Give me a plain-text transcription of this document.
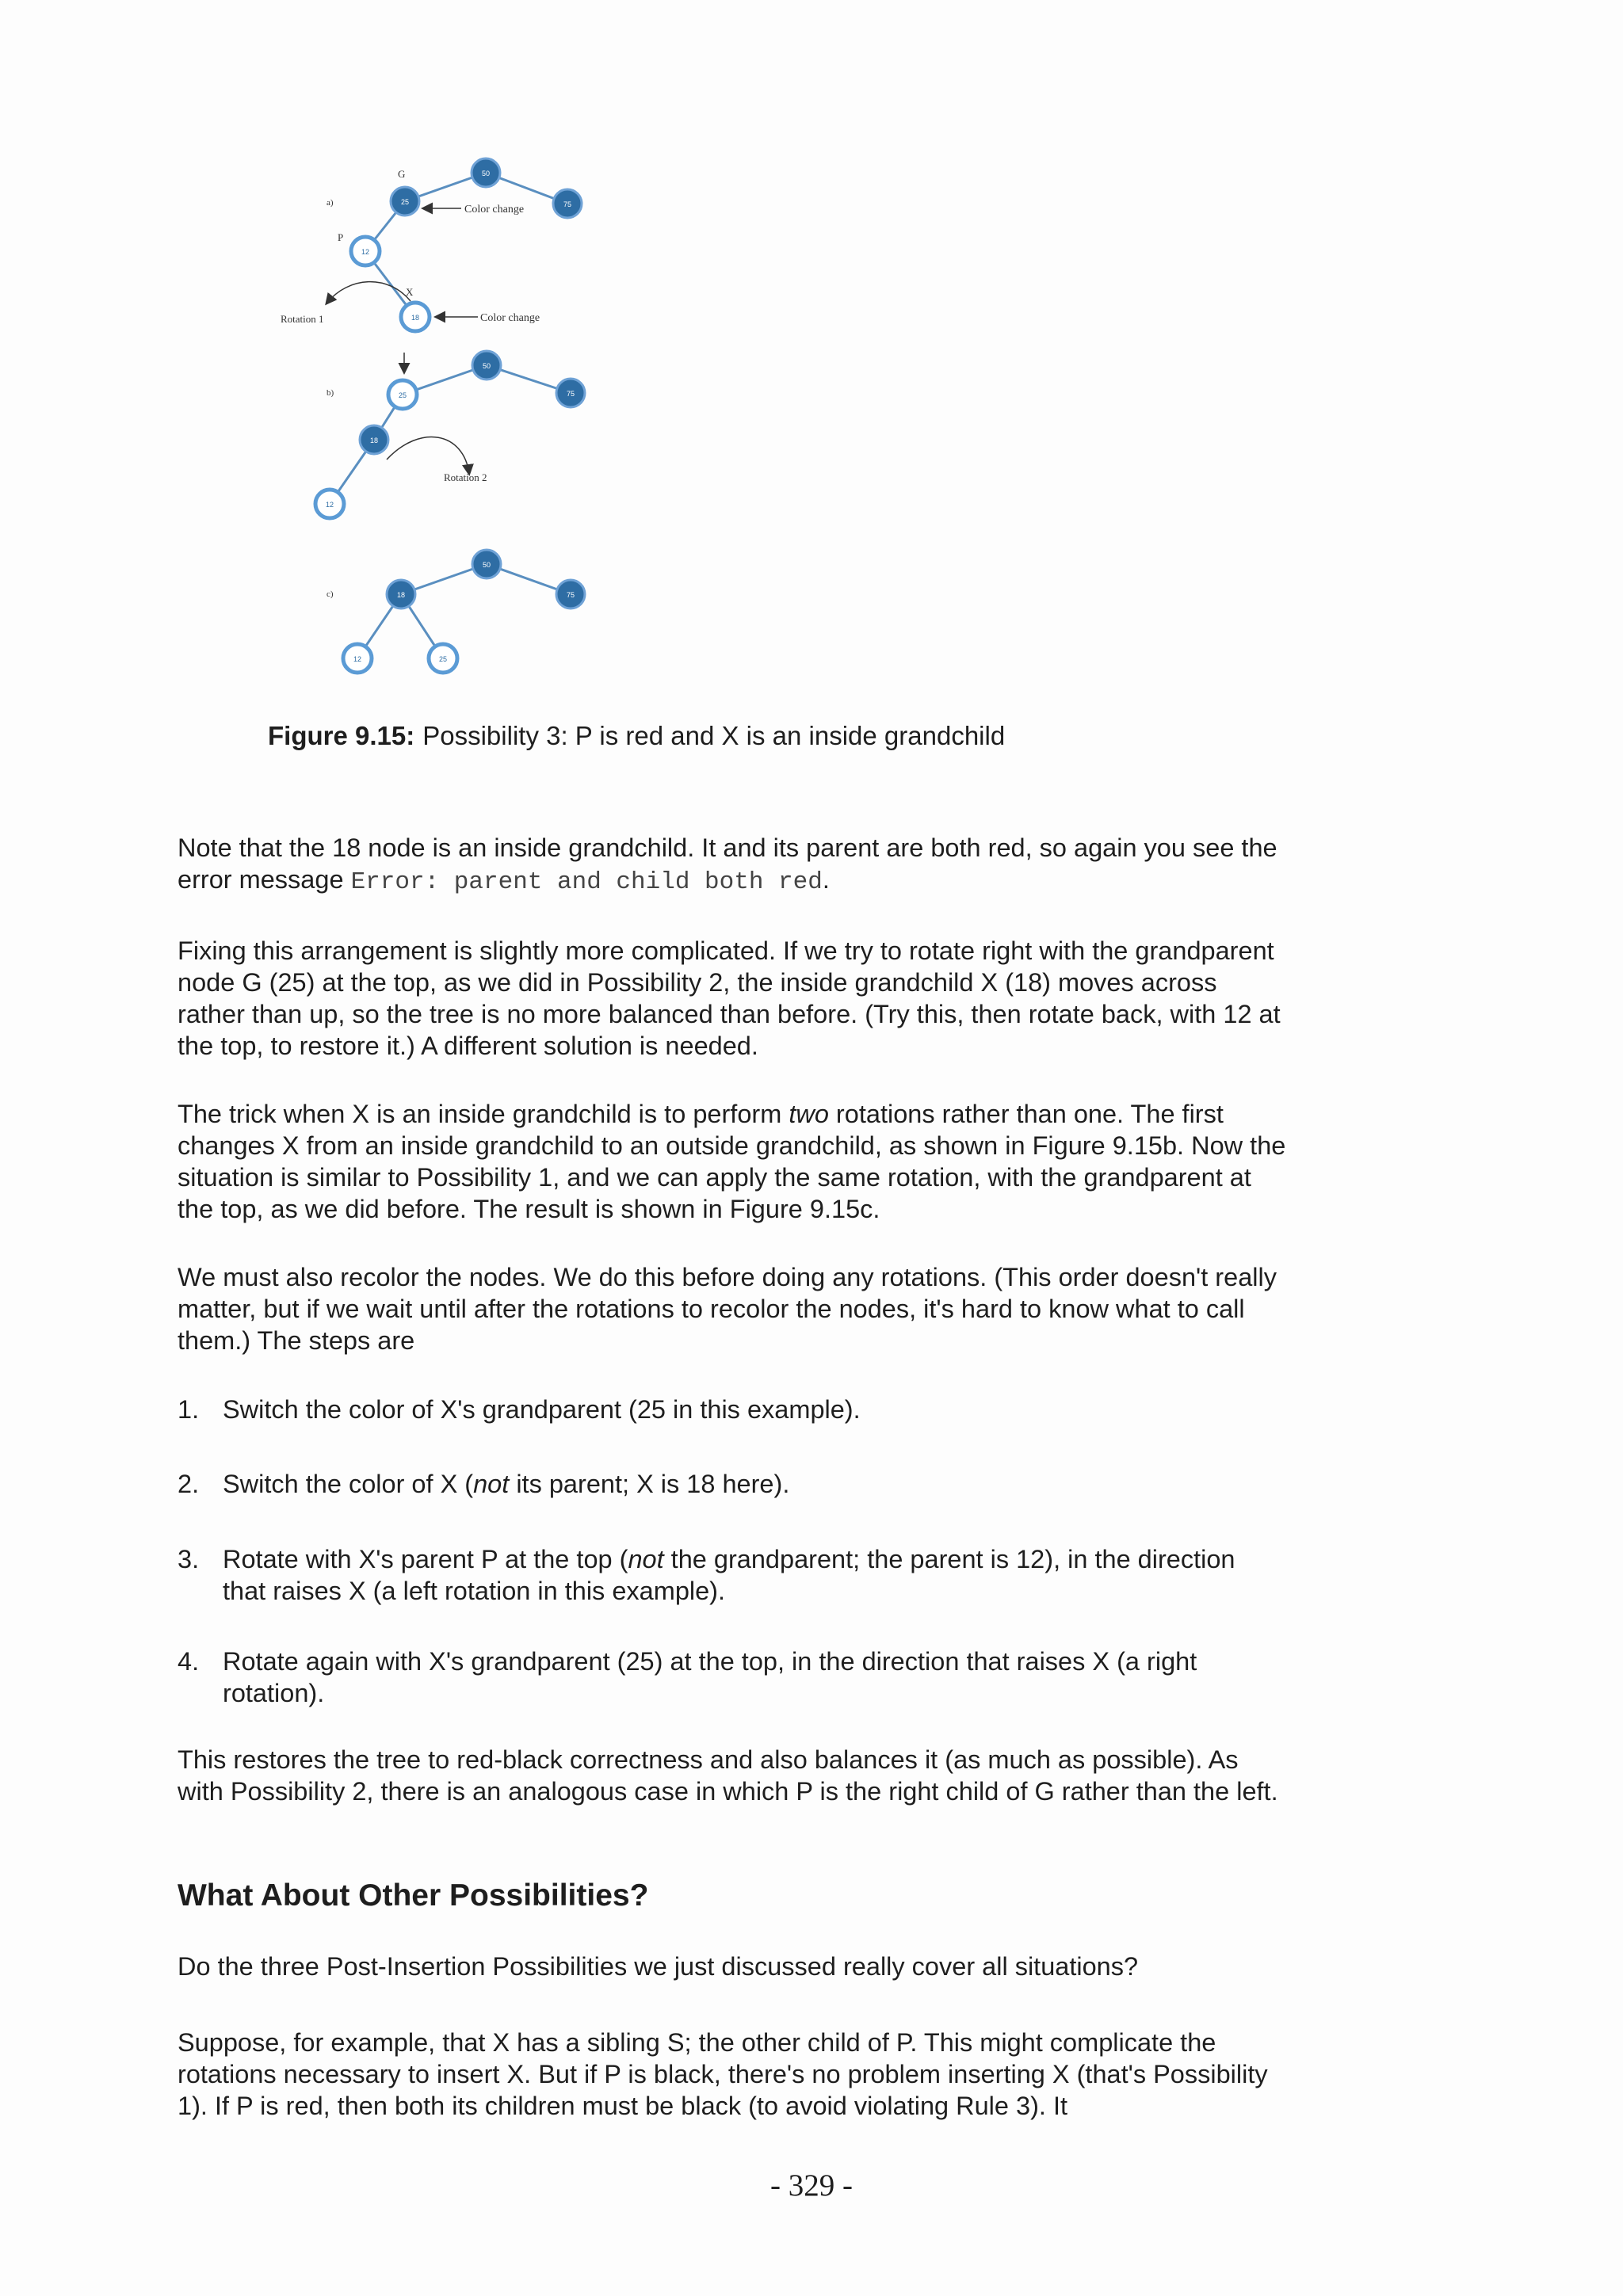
a)
G
P
X
50
25	75
12
18
Color change
Color change
Rotation 1
b)
50
25	75
18
12
Rotation 2
c)
50
18	75
12	25
Figure 9.15: Possibility 3: P is red and X is an inside grandchild

Note that the 18 node is an inside grandchild. It and its parent are both red, so again you see the error message Error: parent and child both red.

Fixing this arrangement is slightly more complicated. If we try to rotate right with the grandparent node G (25) at the top, as we did in Possibility 2, the inside grandchild X (18) moves across rather than up, so the tree is no more balanced than before. (Try this, then rotate back, with 12 at the top, to restore it.) A different solution is needed.

The trick when X is an inside grandchild is to perform two rotations rather than one. The first changes X from an inside grandchild to an outside grandchild, as shown in Figure 9.15b. Now the situation is similar to Possibility 1, and we can apply the same rotation, with the grandparent at the top, as we did before. The result is shown in Figure 9.15c.

We must also recolor the nodes. We do this before doing any rotations. (This order doesn't really matter, but if we wait until after the rotations to recolor the nodes, it's hard to know what to call them.) The steps are

1. Switch the color of X's grandparent (25 in this example).
2. Switch the color of X (not its parent; X is 18 here).
3. Rotate with X's parent P at the top (not the grandparent; the parent is 12), in the direction that raises X (a left rotation in this example).
4. Rotate again with X's grandparent (25) at the top, in the direction that raises X (a right rotation).

This restores the tree to red-black correctness and also balances it (as much as possible). As with Possibility 2, there is an analogous case in which P is the right child of G rather than the left.

What About Other Possibilities?

Do the three Post-Insertion Possibilities we just discussed really cover all situations?

Suppose, for example, that X has a sibling S; the other child of P. This might complicate the rotations necessary to insert X. But if P is black, there's no problem inserting X (that's Possibility 1). If P is red, then both its children must be black (to avoid violating Rule 3). It

- 329 -
